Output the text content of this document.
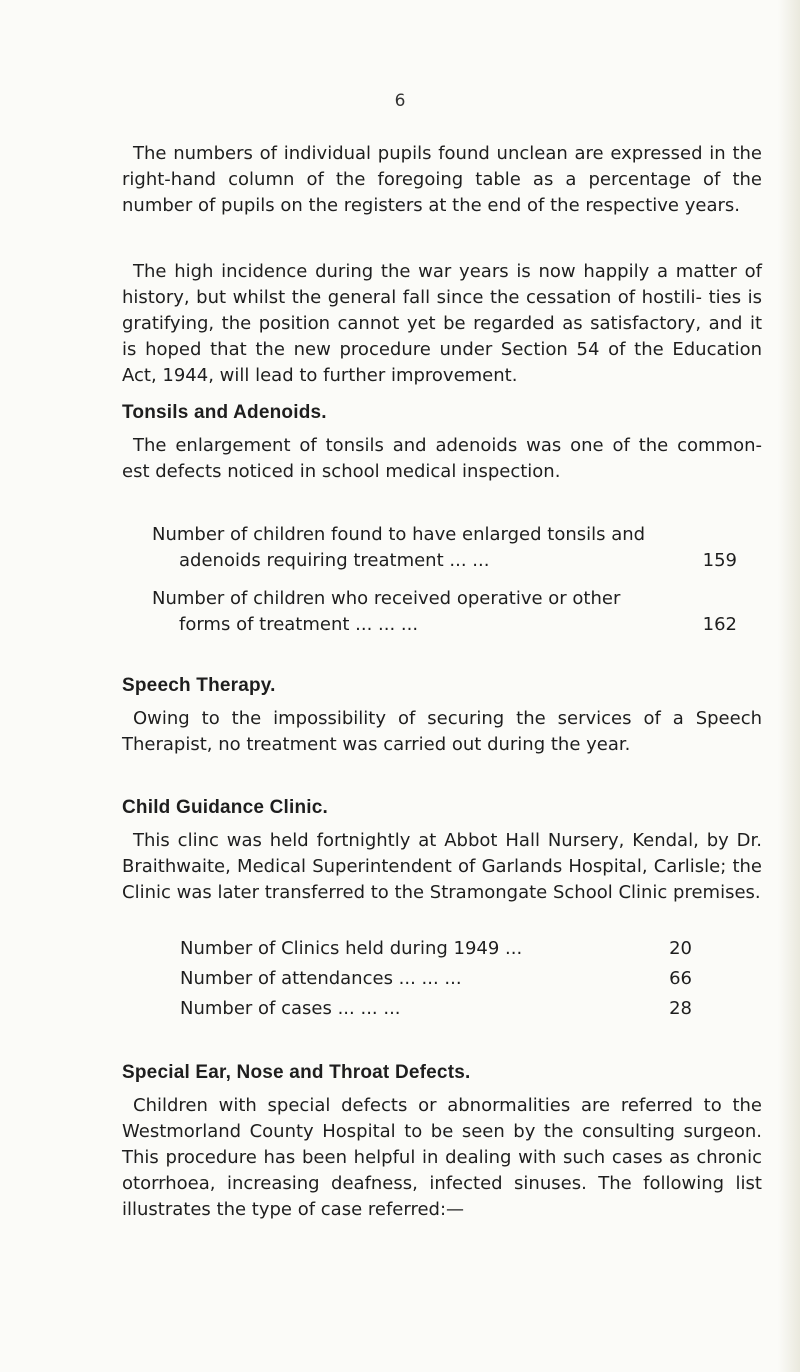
6

The numbers of individual pupils found unclean are expressed in the right-hand column of the foregoing table as a percentage of the number of pupils on the registers at the end of the respective years.

The high incidence during the war years is now happily a matter of history, but whilst the general fall since the cessation of hostili- ties is gratifying, the position cannot yet be regarded as satisfactory, and it is hoped that the new procedure under Section 54 of the Education Act, 1944, will lead to further improvement.

Tonsils and Adenoids.

The enlargement of tonsils and adenoids was one of the common- est defects noticed in school medical inspection.

Number of children found to have enlarged tonsils and
adenoids requiring treatment ... ...	159
Number of children who received operative or other
forms of treatment ... ... ...	162
Speech Therapy.

Owing to the impossibility of securing the services of a Speech Therapist, no treatment was carried out during the year.

Child Guidance Clinic.

This clinc was held fortnightly at Abbot Hall Nursery, Kendal, by Dr. Braithwaite, Medical Superintendent of Garlands Hospital, Carlisle; the Clinic was later transferred to the Stramongate School Clinic premises.

Number of Clinics held during 1949 ...	20
Number of attendances ... ... ...	66
Number of cases ... ... ...	28
Special Ear, Nose and Throat Defects.

Children with special defects or abnormalities are referred to the Westmorland County Hospital to be seen by the consulting surgeon. This procedure has been helpful in dealing with such cases as chronic otorrhoea, increasing deafness, infected sinuses. The following list illustrates the type of case referred:—
